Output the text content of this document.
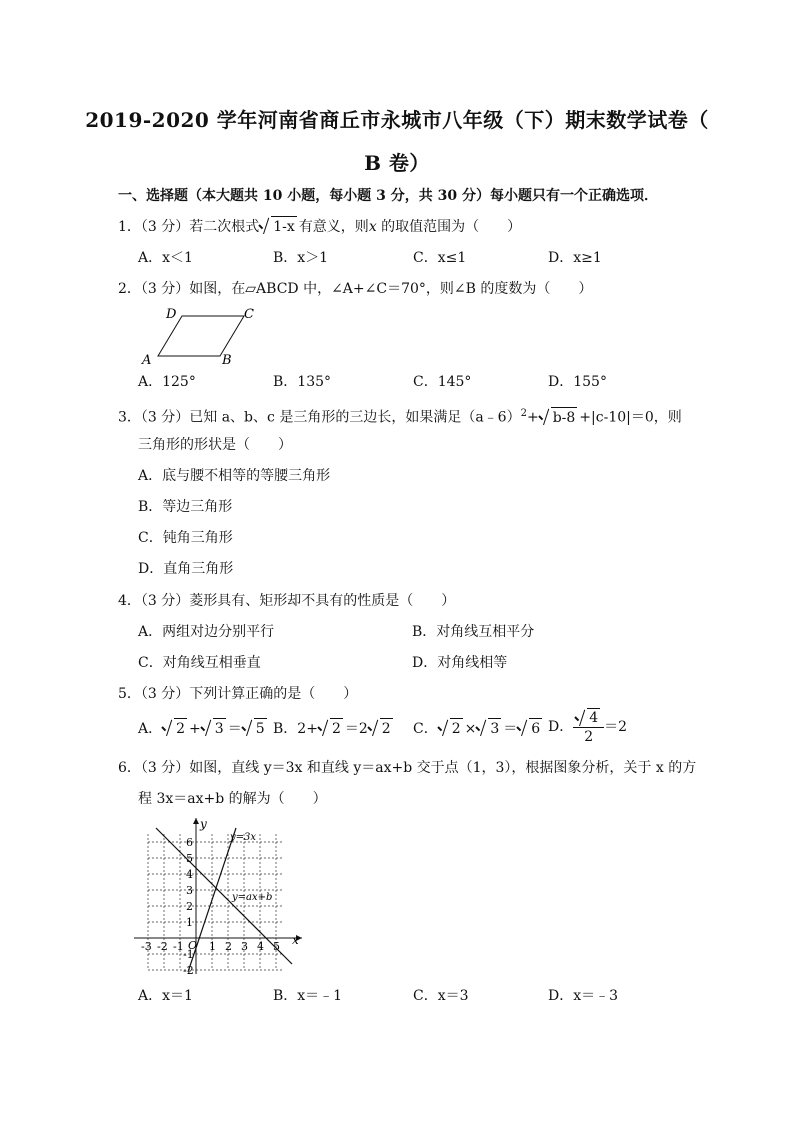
2019-2020 学年河南省商丘市永城市八年级（下）期末数学试卷（
B 卷）
一、选择题（本大题共 10 小题，每小题 3 分，共 30 分）每小题只有一个正确选项．
1．（3 分）若二次根式 1-x 有意义，则x 的取值范围为（　　）
A．x＜1	B．x＞1	C．x≤1	D．x≥1
2．（3 分）如图，在▱ABCD 中，∠A+∠C＝70°，则∠B 的度数为（　　）
A	B
C
D
A．125°	B．135°	C．145°	D．155°
3．（3 分）已知 a、b、c 是三角形的三边长，如果满足（a﹣6）$^2$+ b-8 +|c-10|＝0，则
三角形的形状是（　　）
A．底与腰不相等的等腰三角形
B．等边三角形
C．钝角三角形
D．直角三角形
4．（3 分）菱形具有、矩形却不具有的性质是（　　）
A．两组对边分别平行	B．对角线互相平分
C．对角线互相垂直	D．对角线相等
5．（3 分）下列计算正确的是（　　）
A． 2 + 3 ＝ 5 B．2+ 2 ＝2 2 C． 2 × 3 ＝ 6 D． $\frac{4}{2} =2$
6．（3 分）如图，直线 y＝3x 和直线 y＝ax+b 交于点（1，3），根据图象分析，关于 x 的方
程 3x＝ax+b 的解为（　　）
x
y
O
y=3x
y=ax+b
-3 -2 -1 1 2 3 4 5
6
5
4
3
2
1
-1
-2
A．x＝1	B．x＝﹣1	C．x＝3	D．x＝﹣3
